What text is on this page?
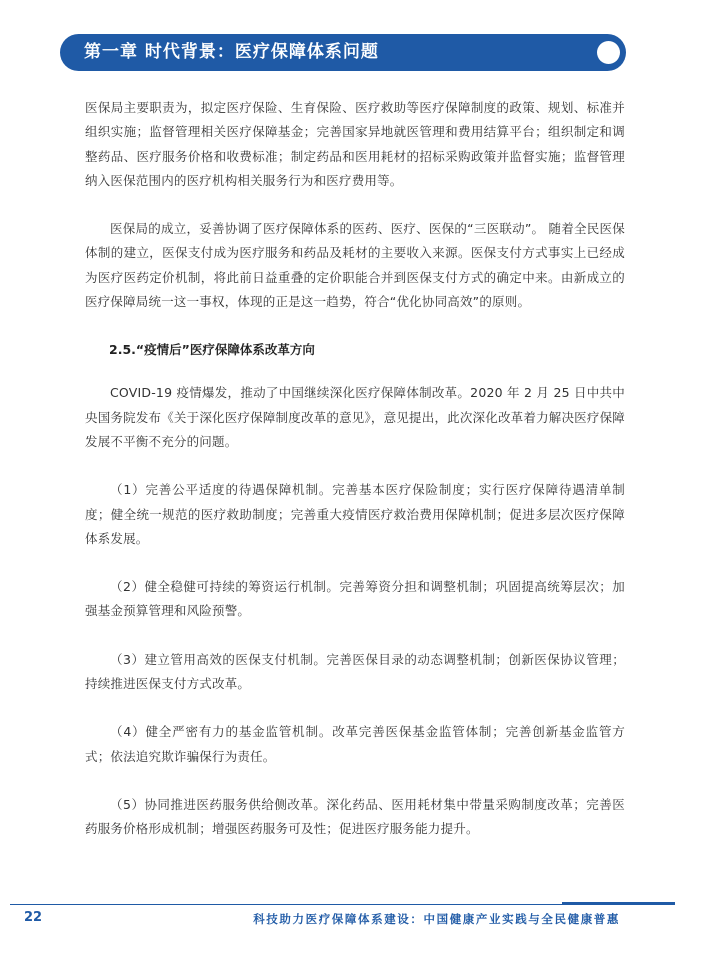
第一章 时代背景：医疗保障体系问题

医保局主要职责为，拟定医疗保险、生育保险、医疗救助等医疗保障制度的政策、规划、标准并组织实施；监督管理相关医疗保障基金；完善国家异地就医管理和费用结算平台；组织制定和调整药品、医疗服务价格和收费标准；制定药品和医用耗材的招标采购政策并监督实施；监督管理纳入医保范围内的医疗机构相关服务行为和医疗费用等。

医保局的成立，妥善协调了医疗保障体系的医药、医疗、医保的“三医联动”。 随着全民医保体制的建立，医保支付成为医疗服务和药品及耗材的主要收入来源。医保支付方式事实上已经成为医疗医药定价机制，将此前日益重叠的定价职能合并到医保支付方式的确定中来。由新成立的医疗保障局统一这一事权，体现的正是这一趋势，符合“优化协同高效”的原则。

2.5.“疫情后”医疗保障体系改革方向

COVID-19 疫情爆发，推动了中国继续深化医疗保障体制改革。2020 年 2 月 25 日中共中央国务院发布《关于深化医疗保障制度改革的意见》，意见提出，此次深化改革着力解决医疗保障发展不平衡不充分的问题。

（1）完善公平适度的待遇保障机制。完善基本医疗保险制度；实行医疗保障待遇清单制度；健全统一规范的医疗救助制度；完善重大疫情医疗救治费用保障机制；促进多层次医疗保障体系发展。

（2）健全稳健可持续的筹资运行机制。完善筹资分担和调整机制；巩固提高统筹层次；加强基金预算管理和风险预警。

（3）建立管用高效的医保支付机制。完善医保目录的动态调整机制；创新医保协议管理；持续推进医保支付方式改革。

（4）健全严密有力的基金监管机制。改革完善医保基金监管体制；完善创新基金监管方式；依法追究欺诈骗保行为责任。

（5）协同推进医药服务供给侧改革。深化药品、医用耗材集中带量采购制度改革；完善医药服务价格形成机制；增强医药服务可及性；促进医疗服务能力提升。

22	科技助力医疗保障体系建设：中国健康产业实践与全民健康普惠
